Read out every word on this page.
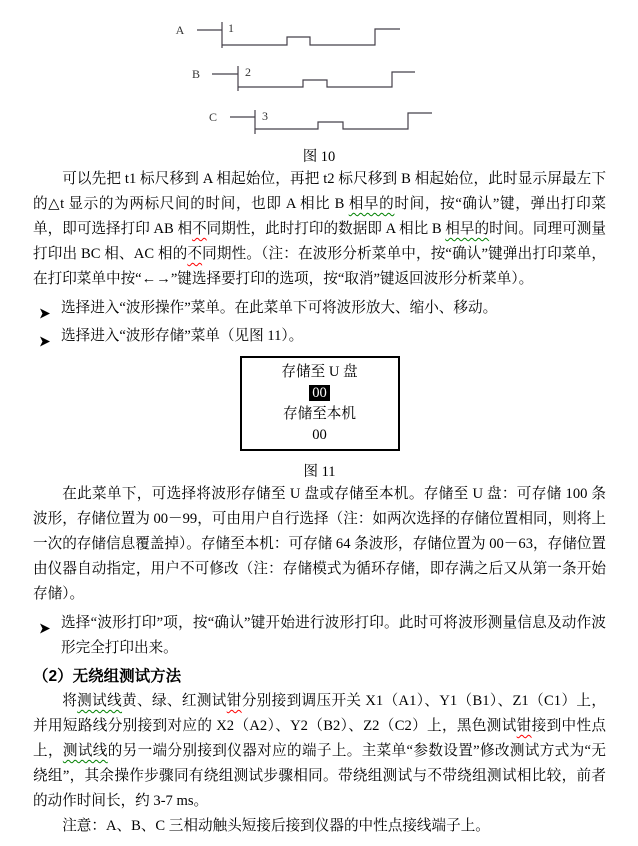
A	1
B	2
C	3
图 10

可以先把 t1 标尺移到 A 相起始位，再把 t2 标尺移到 B 相起始位，此时显示屏最左下的△t 显示的为两标尺间的时间，也即 A 相比 B 相早的时间，按“确认”键，弹出打印菜单，即可选择打印 AB 相不同期性，此时打印的数据即 A 相比 B 相早的时间。同理可测量打印出 BC 相、AC 相的不同期性。（注：在波形分析菜单中，按“确认”键弹出打印菜单，在打印菜单中按“←→”键选择要打印的选项，按“取消”键返回波形分析菜单）。

选择进入“波形操作”菜单。在此菜单下可将波形放大、缩小、移动。
选择进入“波形存储”菜单（见图 11）。
存储至 U 盘
00
存储至本机
00
图 11

在此菜单下，可选择将波形存储至 U 盘或存储至本机。存储至 U 盘：可存储 100 条波形，存储位置为 00－99，可由用户自行选择（注：如两次选择的存储位置相同，则将上一次的存储信息覆盖掉）。存储至本机：可存储 64 条波形，存储位置为 00－63，存储位置由仪器自动指定，用户不可修改（注：存储模式为循环存储，即存满之后又从第一条开始存储）。

选择“波形打印”项，按“确认”键开始进行波形打印。此时可将波形测量信息及动作波形完全打印出来。
（2）无绕组测试方法

将测试线黄、绿、红测试钳分别接到调压开关 X1（A1）、Y1（B1）、Z1（C1）上，并用短路线分别接到对应的 X2（A2）、Y2（B2）、Z2（C2）上，黑色测试钳接到中性点上，测试线的另一端分别接到仪器对应的端子上。主菜单“参数设置”修改测试方式为“无绕组”，其余操作步骤同有绕组测试步骤相同。带绕组测试与不带绕组测试相比较，前者的动作时间长，约 3-7 ms。

注意：A、B、C 三相动触头短接后接到仪器的中性点接线端子上。
